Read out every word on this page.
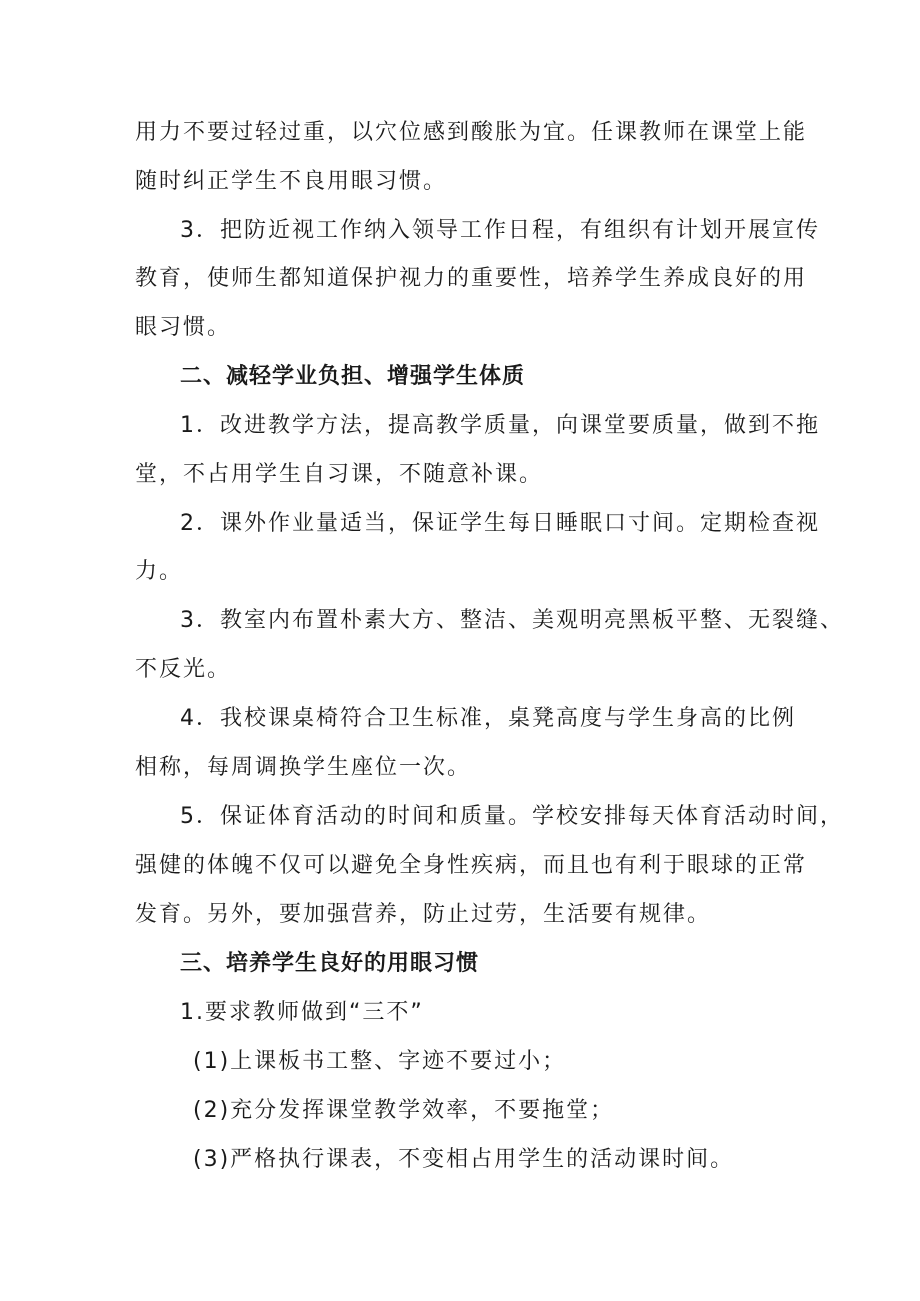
用力不要过轻过重，以穴位感到酸胀为宜。任课教师在课堂上能
随时纠正学生不良用眼习惯。
3．把防近视工作纳入领导工作日程，有组织有计划开展宣传
教育，使师生都知道保护视力的重要性，培养学生养成良好的用
眼习惯。
二、减轻学业负担、增强学生体质
1．改进教学方法，提高教学质量，向课堂要质量，做到不拖
堂，不占用学生自习课，不随意补课。
2．课外作业量适当，保证学生每日睡眠口寸间。定期检查视
力。
3．教室内布置朴素大方、整洁、美观明亮黑板平整、无裂缝、
不反光。
4．我校课桌椅符合卫生标准，桌凳高度与学生身高的比例
相称，每周调换学生座位一次。
5．保证体育活动的时间和质量。学校安排每天体育活动时间，
强健的体魄不仅可以避免全身性疾病，而且也有利于眼球的正常
发育。另外，要加强营养，防止过劳，生活要有规律。
三、培养学生良好的用眼习惯
1.要求教师做到“三不”
(1)上课板书工整、字迹不要过小；
(2)充分发挥课堂教学效率，不要拖堂；
(3)严格执行课表，不变相占用学生的活动课时间。
